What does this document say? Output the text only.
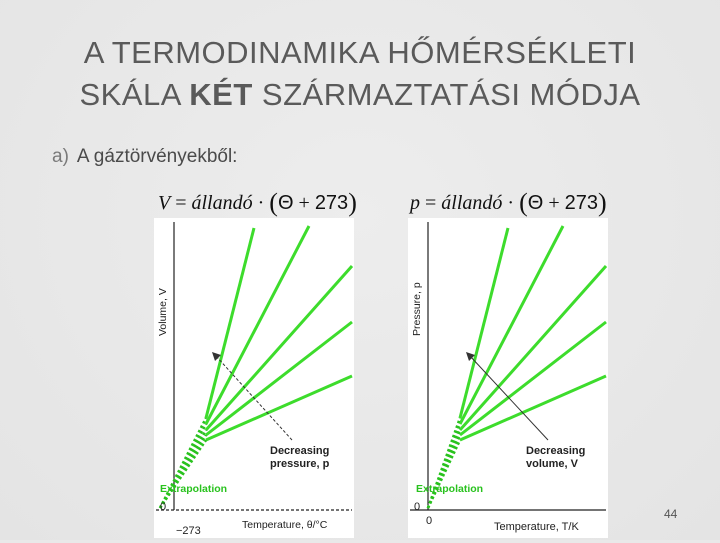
A TERMODINAMIKA HŐMÉRSÉKLETI
SKÁLA KÉT SZÁRMAZTATÁSI MÓDJA
a) A gáztörvényekből:
V = állandó · (Θ + 273)	p = állandó · (Θ + 273)
Decreasing
pressure, p
Extrapolation
0
−273	Temperature, θ/°C
Volume, V
Decreasing
volume, V
Extrapolation
0
0	Temperature, T/K
Pressure, p
44
